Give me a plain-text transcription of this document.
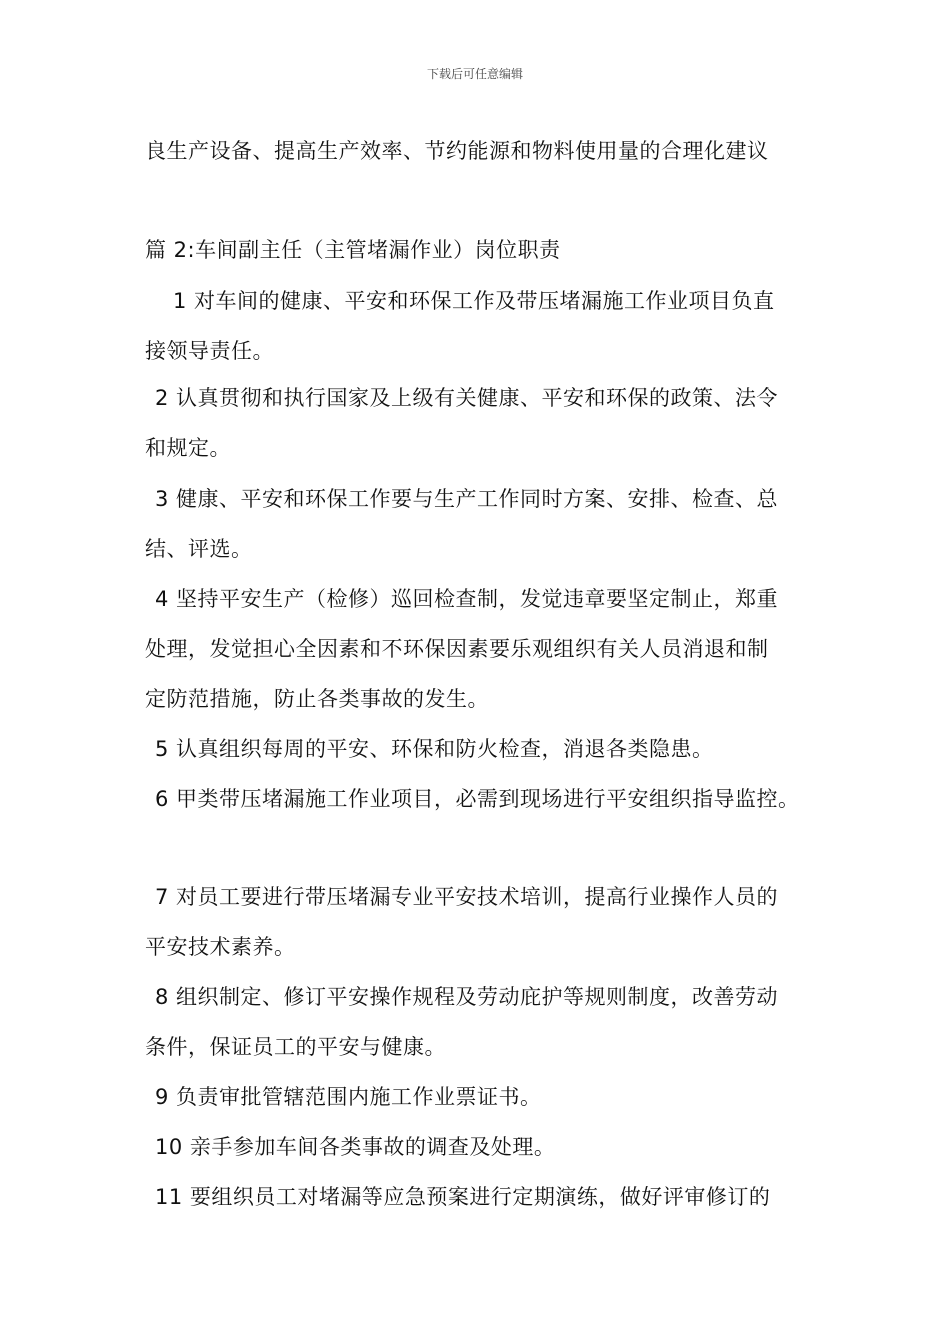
下载后可任意编辑
良生产设备、提高生产效率、节约能源和物料使用量的合理化建议
篇 2:车间副主任（主管堵漏作业）岗位职责
1 对车间的健康、平安和环保工作及带压堵漏施工作业项目负直
接领导责任。
2 认真贯彻和执行国家及上级有关健康、平安和环保的政策、法令
和规定。
3 健康、平安和环保工作要与生产工作同时方案、安排、检查、总
结、评选。
4 坚持平安生产（检修）巡回检查制，发觉违章要坚定制止，郑重
处理，发觉担心全因素和不环保因素要乐观组织有关人员消退和制
定防范措施，防止各类事故的发生。
5 认真组织每周的平安、环保和防火检查，消退各类隐患。
6 甲类带压堵漏施工作业项目，必需到现场进行平安组织指导监控。
7 对员工要进行带压堵漏专业平安技术培训，提高行业操作人员的
平安技术素养。
8 组织制定、修订平安操作规程及劳动庇护等规则制度，改善劳动
条件，保证员工的平安与健康。
9 负责审批管辖范围内施工作业票证书。
10 亲手参加车间各类事故的调查及处理。
11 要组织员工对堵漏等应急预案进行定期演练，做好评审修订的
